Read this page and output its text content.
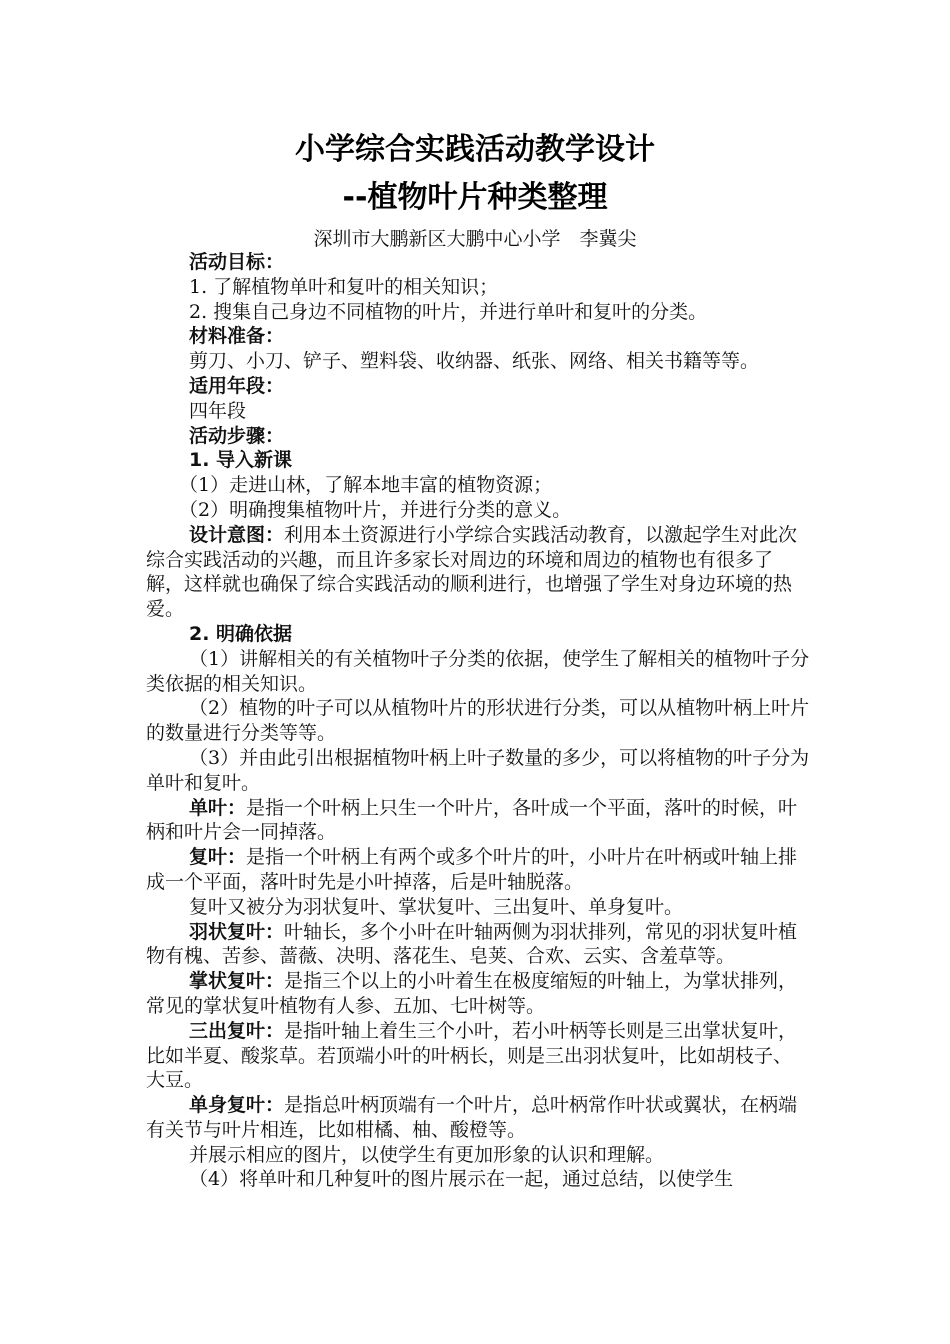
小学综合实践活动教学设计
--植物叶片种类整理
深圳市大鹏新区大鹏中心小学　李冀尖

活动目标：

1. 了解植物单叶和复叶的相关知识；

2. 搜集自己身边不同植物的叶片，并进行单叶和复叶的分类。

材料准备：

剪刀、小刀、铲子、塑料袋、收纳器、纸张、网络、相关书籍等等。

适用年段：

四年段

活动步骤：

1. 导入新课

（1）走进山林，了解本地丰富的植物资源；

（2）明确搜集植物叶片，并进行分类的意义。

设计意图：利用本土资源进行小学综合实践活动教育，以激起学生对此次综合实践活动的兴趣，而且许多家长对周边的环境和周边的植物也有很多了解，这样就也确保了综合实践活动的顺利进行，也增强了学生对身边环境的热爱。

2. 明确依据

（1）讲解相关的有关植物叶子分类的依据，使学生了解相关的植物叶子分类依据的相关知识。

（2）植物的叶子可以从植物叶片的形状进行分类，可以从植物叶柄上叶片的数量进行分类等等。

（3）并由此引出根据植物叶柄上叶子数量的多少，可以将植物的叶子分为单叶和复叶。

单叶：是指一个叶柄上只生一个叶片，各叶成一个平面，落叶的时候，叶柄和叶片会一同掉落。

复叶：是指一个叶柄上有两个或多个叶片的叶，小叶片在叶柄或叶轴上排成一个平面，落叶时先是小叶掉落，后是叶轴脱落。

复叶又被分为羽状复叶、掌状复叶、三出复叶、单身复叶。

羽状复叶：叶轴长，多个小叶在叶轴两侧为羽状排列，常见的羽状复叶植物有槐、苦参、蔷薇、决明、落花生、皂荚、合欢、云实、含羞草等。

掌状复叶：是指三个以上的小叶着生在极度缩短的叶轴上，为掌状排列，常见的掌状复叶植物有人参、五加、七叶树等。

三出复叶：是指叶轴上着生三个小叶，若小叶柄等长则是三出掌状复叶，比如半夏、酸浆草。若顶端小叶的叶柄长，则是三出羽状复叶，比如胡枝子、大豆。

单身复叶：是指总叶柄顶端有一个叶片，总叶柄常作叶状或翼状，在柄端有关节与叶片相连，比如柑橘、柚、酸橙等。

并展示相应的图片，以使学生有更加形象的认识和理解。

（4）将单叶和几种复叶的图片展示在一起，通过总结，以使学生
